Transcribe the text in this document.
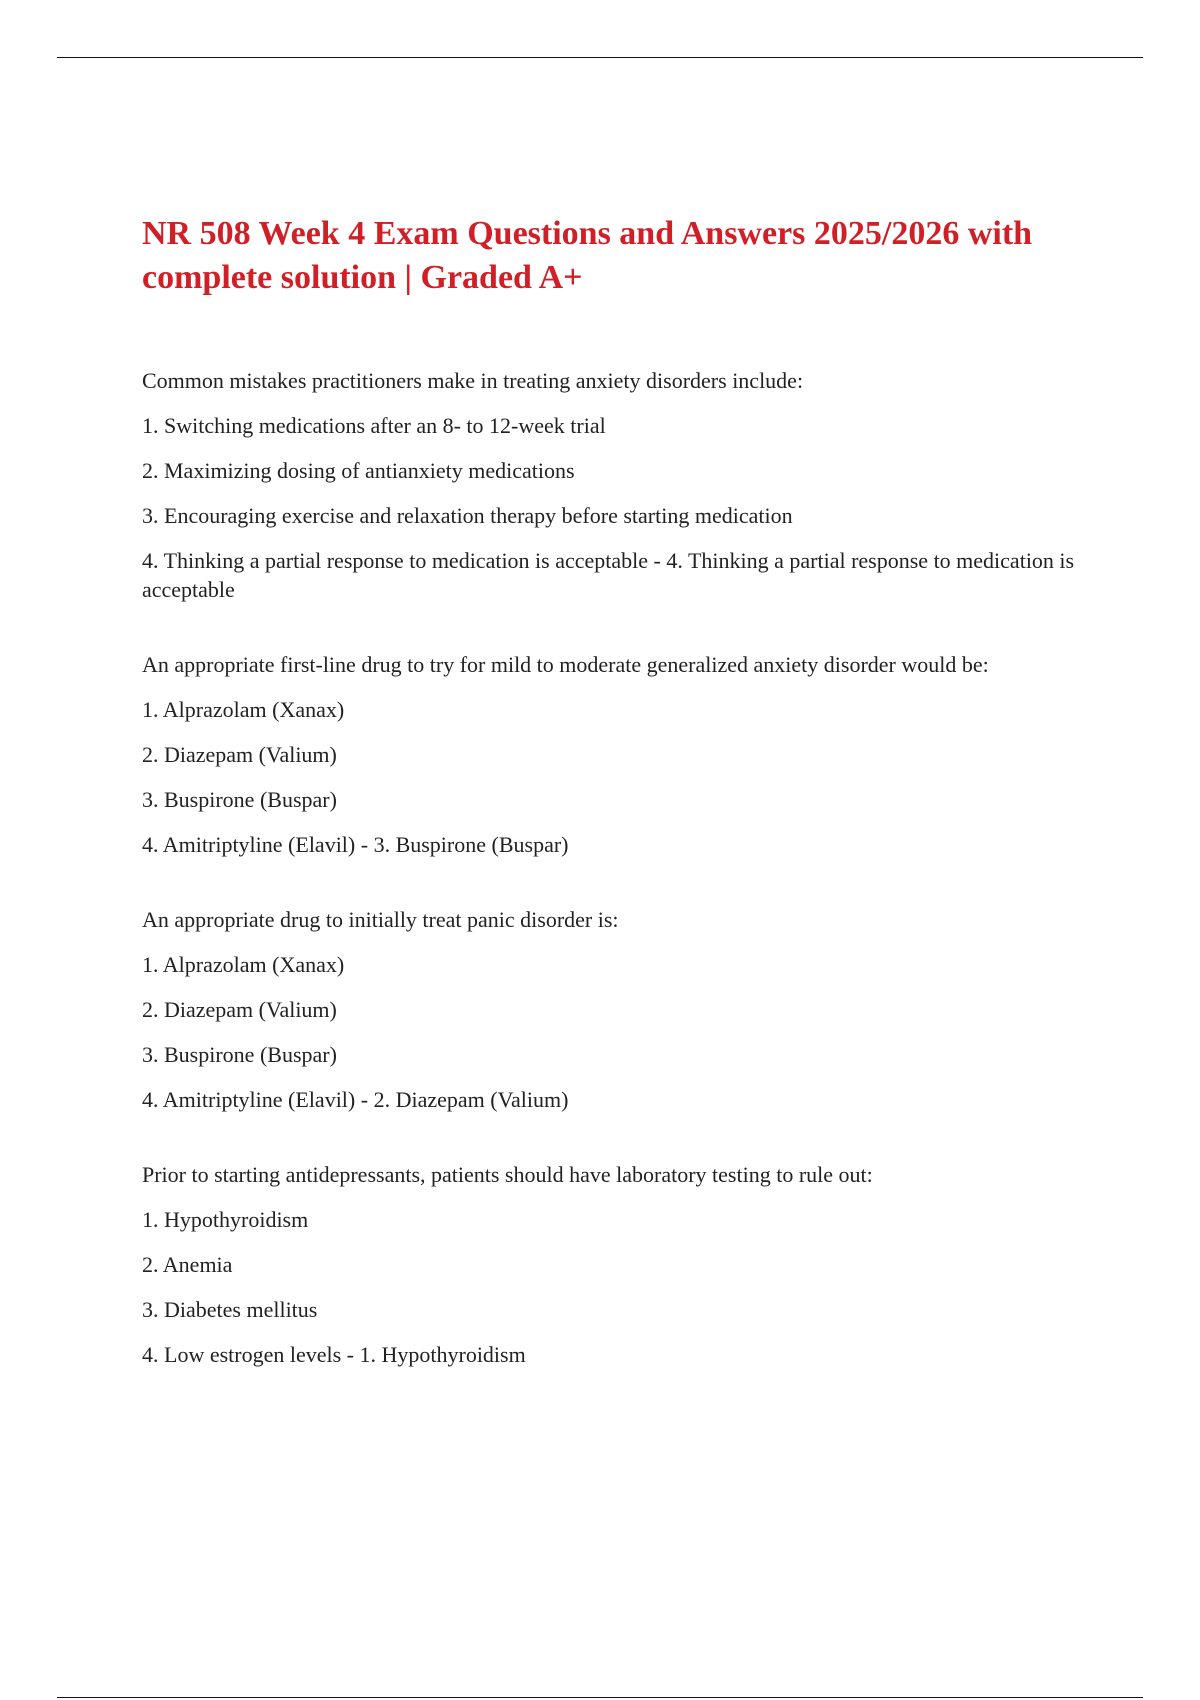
NR 508 Week 4 Exam Questions and Answers 2025/2026 with complete solution | Graded A+
Common mistakes practitioners make in treating anxiety disorders include:
1. Switching medications after an 8- to 12-week trial
2. Maximizing dosing of antianxiety medications
3. Encouraging exercise and relaxation therapy before starting medication
4. Thinking a partial response to medication is acceptable - 4. Thinking a partial response to medication is acceptable
An appropriate first-line drug to try for mild to moderate generalized anxiety disorder would be:
1. Alprazolam (Xanax)
2. Diazepam (Valium)
3. Buspirone (Buspar)
4. Amitriptyline (Elavil) - 3. Buspirone (Buspar)
An appropriate drug to initially treat panic disorder is:
1. Alprazolam (Xanax)
2. Diazepam (Valium)
3. Buspirone (Buspar)
4. Amitriptyline (Elavil) - 2. Diazepam (Valium)
Prior to starting antidepressants, patients should have laboratory testing to rule out:
1. Hypothyroidism
2. Anemia
3. Diabetes mellitus
4. Low estrogen levels - 1. Hypothyroidism
